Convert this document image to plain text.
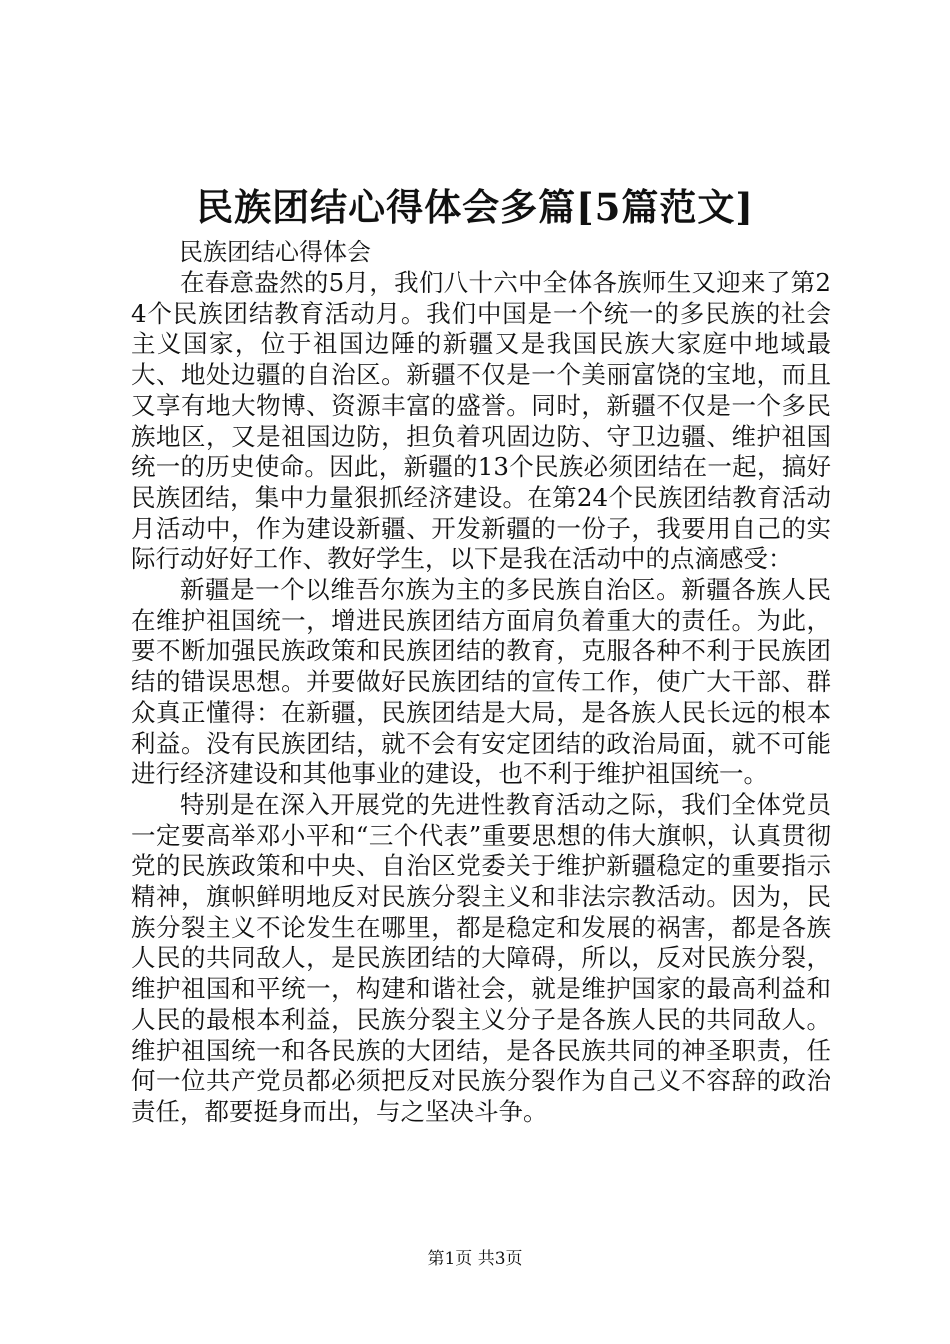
民族团结心得体会多篇[5篇范文]

民族团结心得体会

在春意盎然的5月，我们八十六中全体各族师生又迎来了第24个民族团结教育活动月。我们中国是一个统一的多民族的社会主义国家，位于祖国边陲的新疆又是我国民族大家庭中地域最大、地处边疆的自治区。新疆不仅是一个美丽富饶的宝地，而且又享有地大物博、资源丰富的盛誉。同时，新疆不仅是一个多民族地区，又是祖国边防，担负着巩固边防、守卫边疆、维护祖国统一的历史使命。因此，新疆的13个民族必须团结在一起，搞好民族团结，集中力量狠抓经济建设。在第24个民族团结教育活动月活动中，作为建设新疆、开发新疆的一份子，我要用自己的实际行动好好工作、教好学生，以下是我在活动中的点滴感受：

新疆是一个以维吾尔族为主的多民族自治区。新疆各族人民在维护祖国统一，增进民族团结方面肩负着重大的责任。为此，要不断加强民族政策和民族团结的教育，克服各种不利于民族团结的错误思想。并要做好民族团结的宣传工作，使广大干部、群众真正懂得：在新疆，民族团结是大局，是各族人民长远的根本利益。没有民族团结，就不会有安定团结的政治局面，就不可能进行经济建设和其他事业的建设，也不利于维护祖国统一。

特别是在深入开展党的先进性教育活动之际，我们全体党员一定要高举邓小平和“三个代表”重要思想的伟大旗帜，认真贯彻党的民族政策和中央、自治区党委关于维护新疆稳定的重要指示精神，旗帜鲜明地反对民族分裂主义和非法宗教活动。因为，民族分裂主义不论发生在哪里，都是稳定和发展的祸害，都是各族人民的共同敌人，是民族团结的大障碍，所以，反对民族分裂，维护祖国和平统一，构建和谐社会，就是维护国家的最高利益和人民的最根本利益，民族分裂主义分子是各族人民的共同敌人。维护祖国统一和各民族的大团结，是各民族共同的神圣职责，任何一位共产党员都必须把反对民族分裂作为自己义不容辞的政治责任，都要挺身而出，与之坚决斗争。

第1页 共3页
